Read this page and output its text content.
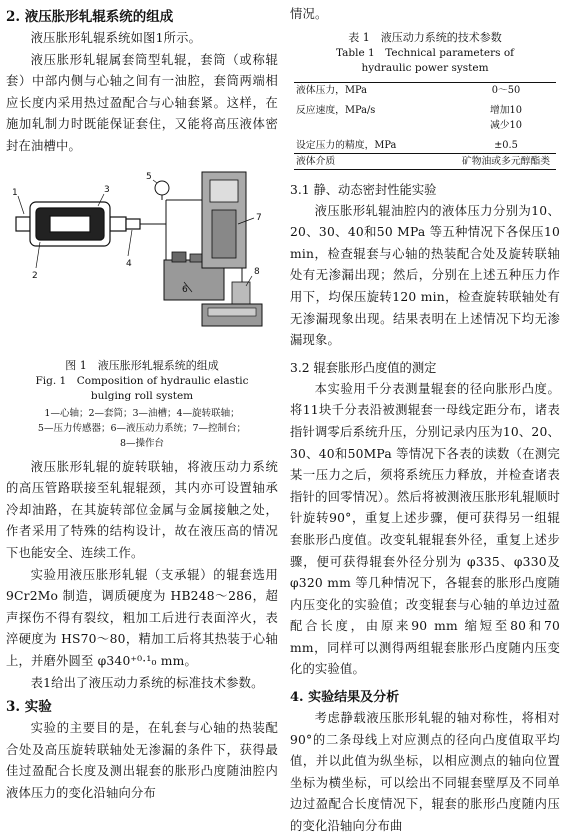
2. 液压胀形轧辊系统的组成

液压胀形轧辊系统如图1所示。

液压胀形轧辊属套筒型轧辊，套筒（或称辊套）中部内侧与心轴之间有一油腔，套筒两端相应长度内采用热过盈配合与心轴套紧。这样，在施加轧制力时既能保证套住，又能将高压液体密封在油槽中。

1
2
3
4
5
6
7
8
图 1　液压胀形轧辊系统的组成
Fig. 1　Composition of hydraulic elastic
bulging roll system
1—心轴；2—套筒；3—油槽；4—旋转联轴；
5—压力传感器；6—液压动力系统；7—控制台；
8—操作台

液压胀形轧辊的旋转联轴，将液压动力系统的高压管路联接至轧辊辊颈，其内亦可设置轴承冷却油路，在其旋转部位金属与金属接触之处，作者采用了特殊的结构设计，故在液压高的情况下也能安全、连续工作。

实验用液压胀形轧辊（支承辊）的辊套选用9Cr2Mo 制造，调质硬度为 HB248～286，超声探伤不得有裂纹，粗加工后进行表面淬火，表淬硬度为 HS70～80，精加工后将其热装于心轴上，并磨外圆至 φ340⁺⁰·¹₀ mm。

表1给出了液压动力系统的标准技术参数。

3. 实验

实验的主要目的是，在轧套与心轴的热装配合处及高压旋转联轴处无渗漏的条件下，获得最佳过盈配合长度及测出辊套的胀形凸度随油腔内液体压力的变化沿轴向分布

情况。

表 1　液压动力系统的技术参数
Table 1　Technical parameters of
hydraulic power system
液体压力，MPa	0～50
反应速度，MPa/s	增加10
	减少10
设定压力的精度，MPa	±0.5
液体介质	矿物油或多元醇酯类
3.1 静、动态密封性能实验

液压胀形轧辊油腔内的液体压力分别为10、20、30、40和50 MPa 等五种情况下各保压10 min，检查辊套与心轴的热装配合处及旋转联轴处有无渗漏出现；然后，分别在上述五种压力作用下，均保压旋转120 min，检查旋转联轴处有无渗漏现象出现。结果表明在上述情况下均无渗漏现象。

3.2 辊套胀形凸度值的测定

本实验用千分表测量辊套的径向胀形凸度。将11块千分表沿被测辊套一母线定距分布，诸表指针调零后系统升压，分别记录内压为10、20、30、40和50MPa 等情况下各表的读数（在测完某一压力之后，须将系统压力释放，并检查诸表指针的回零情况）。然后将被测液压胀形轧辊顺时针旋转90°，重复上述步骤，便可获得另一组辊套胀形凸度值。改变轧辊辊套外径，重复上述步骤，便可获得辊套外径分别为 φ335、φ330及 φ320 mm 等几种情况下，各辊套的胀形凸度随内压变化的实验值；改变辊套与心轴的单边过盈配合长度，由原来90 mm 缩短至80和70 mm，同样可以测得两组辊套胀形凸度随内压变化的实验值。

4. 实验结果及分析

考虑静载液压胀形轧辊的轴对称性，将相对90°的二条母线上对应测点的径向凸度值取平均值，并以此值为纵坐标，以相应测点的轴向位置坐标为横坐标，可以绘出不同辊套壁厚及不同单边过盈配合长度情况下，辊套的胀形凸度随内压的变化沿轴向分布曲
